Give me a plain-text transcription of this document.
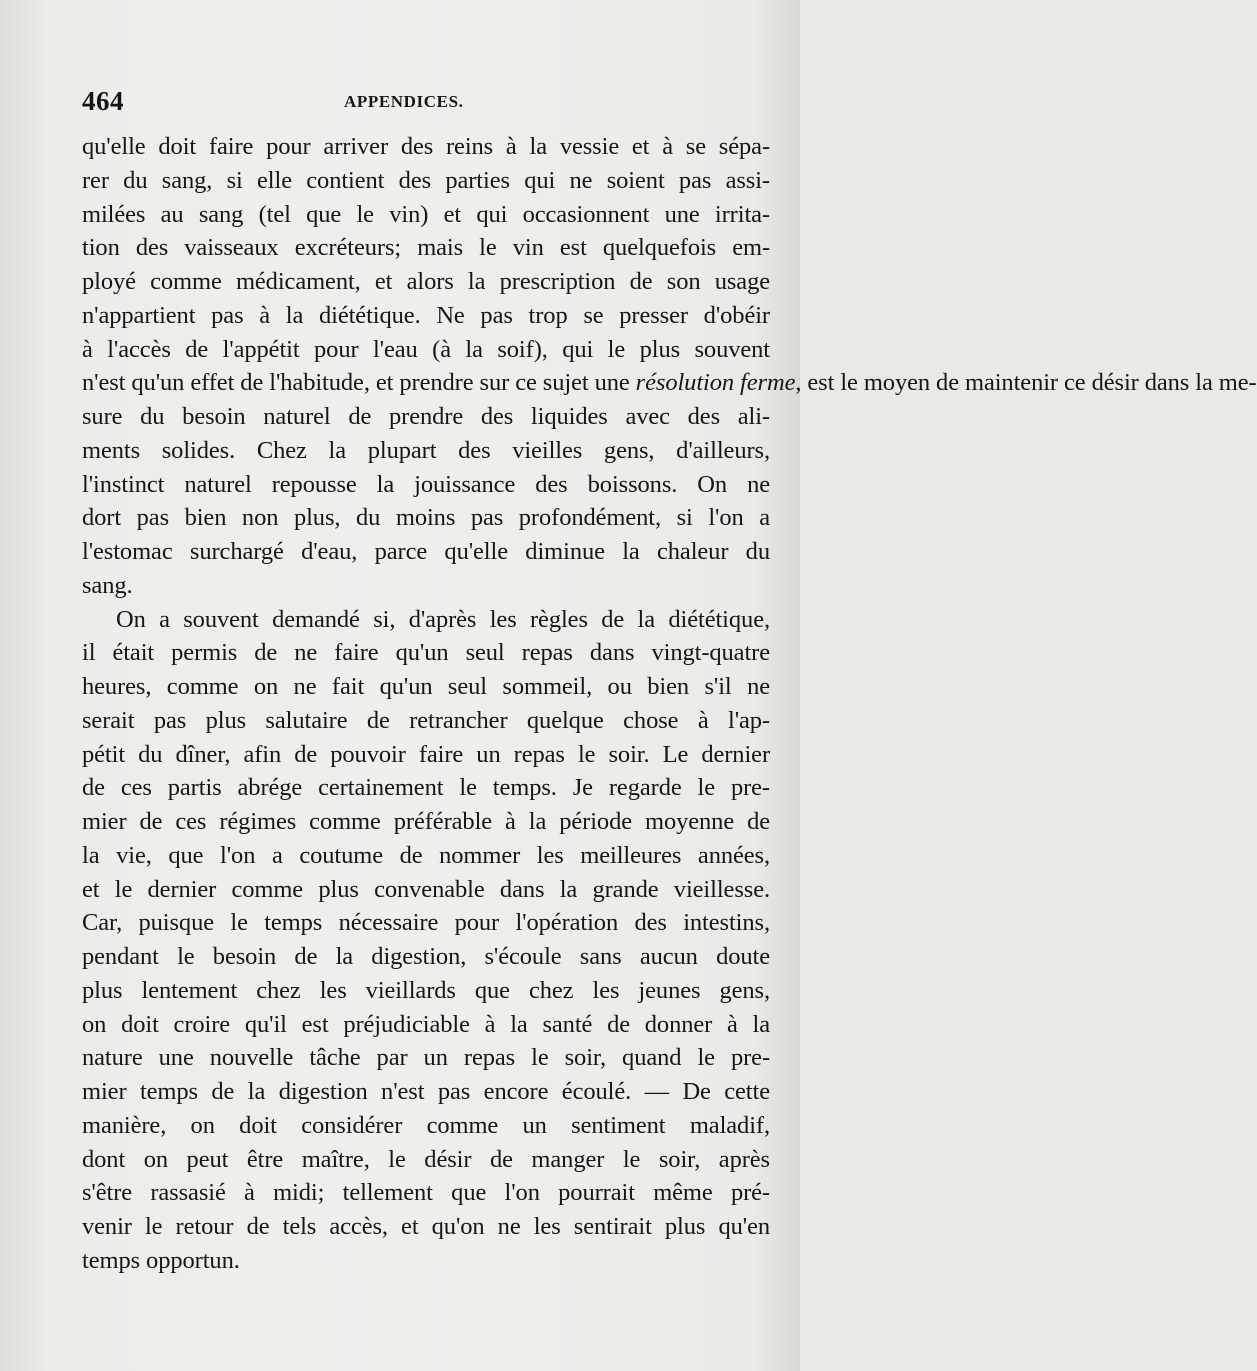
464	APPENDICES.
qu'elle doit faire pour arriver des reins à la vessie et à se sépa-
rer du sang, si elle contient des parties qui ne soient pas assi-
milées au sang (tel que le vin) et qui occasionnent une irrita-
tion des vaisseaux excréteurs; mais le vin est quelquefois em-
ployé comme médicament, et alors la prescription de son usage
n'appartient pas à la diététique. Ne pas trop se presser d'obéir
à l'accès de l'appétit pour l'eau (à la soif), qui le plus souvent
n'est qu'un effet de l'habitude, et prendre sur ce sujet une résolution ferme, est le moyen de maintenir ce désir dans la me-
sure du besoin naturel de prendre des liquides avec des ali-
ments solides. Chez la plupart des vieilles gens, d'ailleurs,
l'instinct naturel repousse la jouissance des boissons. On ne
dort pas bien non plus, du moins pas profondément, si l'on a
l'estomac surchargé d'eau, parce qu'elle diminue la chaleur du
sang.
On a souvent demandé si, d'après les règles de la diététique,
il était permis de ne faire qu'un seul repas dans vingt-quatre
heures, comme on ne fait qu'un seul sommeil, ou bien s'il ne
serait pas plus salutaire de retrancher quelque chose à l'ap-
pétit du dîner, afin de pouvoir faire un repas le soir. Le dernier
de ces partis abrége certainement le temps. Je regarde le pre-
mier de ces régimes comme préférable à la période moyenne de
la vie, que l'on a coutume de nommer les meilleures années,
et le dernier comme plus convenable dans la grande vieillesse.
Car, puisque le temps nécessaire pour l'opération des intestins,
pendant le besoin de la digestion, s'écoule sans aucun doute
plus lentement chez les vieillards que chez les jeunes gens,
on doit croire qu'il est préjudiciable à la santé de donner à la
nature une nouvelle tâche par un repas le soir, quand le pre-
mier temps de la digestion n'est pas encore écoulé. — De cette
manière, on doit considérer comme un sentiment maladif,
dont on peut être maître, le désir de manger le soir, après
s'être rassasié à midi; tellement que l'on pourrait même pré-
venir le retour de tels accès, et qu'on ne les sentirait plus qu'en
temps opportun.
